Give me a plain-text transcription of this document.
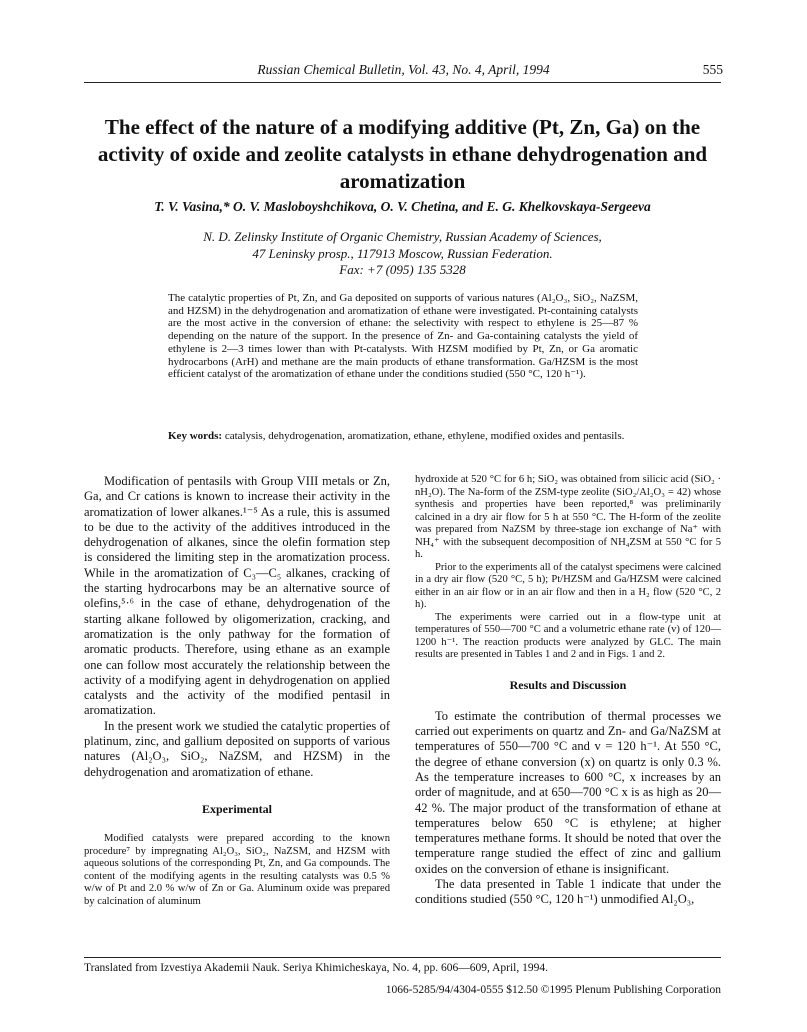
Russian Chemical Bulletin, Vol. 43, No. 4, April, 1994	555
The effect of the nature of a modifying additive (Pt, Zn, Ga) on the activity of oxide and zeolite catalysts in ethane dehydrogenation and aromatization
T. V. Vasina,* O. V. Masloboyshchikova, O. V. Chetina, and E. G. Khelkovskaya-Sergeeva
N. D. Zelinsky Institute of Organic Chemistry, Russian Academy of Sciences,
47 Leninsky prosp., 117913 Moscow, Russian Federation.
Fax: +7 (095) 135 5328
The catalytic properties of Pt, Zn, and Ga deposited on supports of various natures (Al₂O₃, SiO₂, NaZSM, and HZSM) in the dehydrogenation and aromatization of ethane were investigated. Pt-containing catalysts are the most active in the conversion of ethane: the selectivity with respect to ethylene is 25—87 % depending on the nature of the support. In the presence of Zn- and Ga-containing catalysts the yield of ethylene is 2—3 times lower than with Pt-catalysts. With HZSM modified by Pt, Zn, or Ga aromatic hydrocarbons (ArH) and methane are the main products of ethane transformation. Ga/HZSM is the most efficient catalyst of the aromatization of ethane under the conditions studied (550 °C, 120 h⁻¹).
Key words: catalysis, dehydrogenation, aromatization, ethane, ethylene, modified oxides and pentasils.

Modification of pentasils with Group VIII metals or Zn, Ga, and Cr cations is known to increase their activity in the aromatization of lower alkanes.¹⁻⁵ As a rule, this is assumed to be due to the activity of the additives introduced in the dehydrogenation of alkanes, since the olefin formation step is considered the limiting step in the aromatization process. While in the aromatization of C₃—C₅ alkanes, cracking of the starting hydrocarbons may be an alternative source of olefins,⁵·⁶ in the case of ethane, dehydrogenation of the starting alkane followed by oligomerization, cracking, and aromatization is the only pathway for the formation of aromatic products. Therefore, using ethane as an example one can follow most accurately the relationship between the activity of a modifying agent in dehydrogenation on applied catalysts and the activity of the modified pentasil in aromatization.

In the present work we studied the catalytic properties of platinum, zinc, and gallium deposited on supports of various natures (Al₂O₃, SiO₂, NaZSM, and HZSM) in the dehydrogenation and aromatization of ethane.

Experimental

Modified catalysts were prepared according to the known procedure⁷ by impregnating Al₂O₃, SiO₂, NaZSM, and HZSM with aqueous solutions of the corresponding Pt, Zn, and Ga compounds. The content of the modifying agents in the resulting catalysts was 0.5 % w/w of Pt and 2.0 % w/w of Zn or Ga. Aluminum oxide was prepared by calcination of aluminum

hydroxide at 520 °C for 6 h; SiO₂ was obtained from silicic acid (SiO₂ · nH₂O). The Na-form of the ZSM-type zeolite (SiO₂/Al₂O₃ = 42) whose synthesis and properties have been reported,⁸ was preliminarily calcined in a dry air flow for 5 h at 550 °C. The H-form of the zeolite was prepared from NaZSM by three-stage ion exchange of Na⁺ with NH₄⁺ with the subsequent decomposition of NH₄ZSM at 550 °C for 5 h.

Prior to the experiments all of the catalyst specimens were calcined in a dry air flow (520 °C, 5 h); Pt/HZSM and Ga/HZSM were calcined either in an air flow or in an air flow and then in a H₂ flow (520 °C, 2 h).

The experiments were carried out in a flow-type unit at temperatures of 550—700 °C and a volumetric ethane rate (v) of 120—1200 h⁻¹. The reaction products were analyzed by GLC. The main results are presented in Tables 1 and 2 and in Figs. 1 and 2.

Results and Discussion

To estimate the contribution of thermal processes we carried out experiments on quartz and Zn- and Ga/NaZSM at temperatures of 550—700 °C and v = 120 h⁻¹. At 550 °C, the degree of ethane conversion (x) on quartz is only 0.3 %. As the temperature increases to 600 °C, x increases by an order of magnitude, and at 650—700 °C x is as high as 20—42 %. The major product of the transformation of ethane at temperatures below 650 °C is ethylene; at higher temperatures methane forms. It should be noted that over the temperature range studied the effect of zinc and gallium oxides on the conversion of ethane is insignificant.

The data presented in Table 1 indicate that under the conditions studied (550 °C, 120 h⁻¹) unmodified Al₂O₃,

Translated from Izvestiya Akademii Nauk. Seriya Khimicheskaya, No. 4, pp. 606—609, April, 1994.
1066-5285/94/4304-0555 $12.50 ©1995 Plenum Publishing Corporation
